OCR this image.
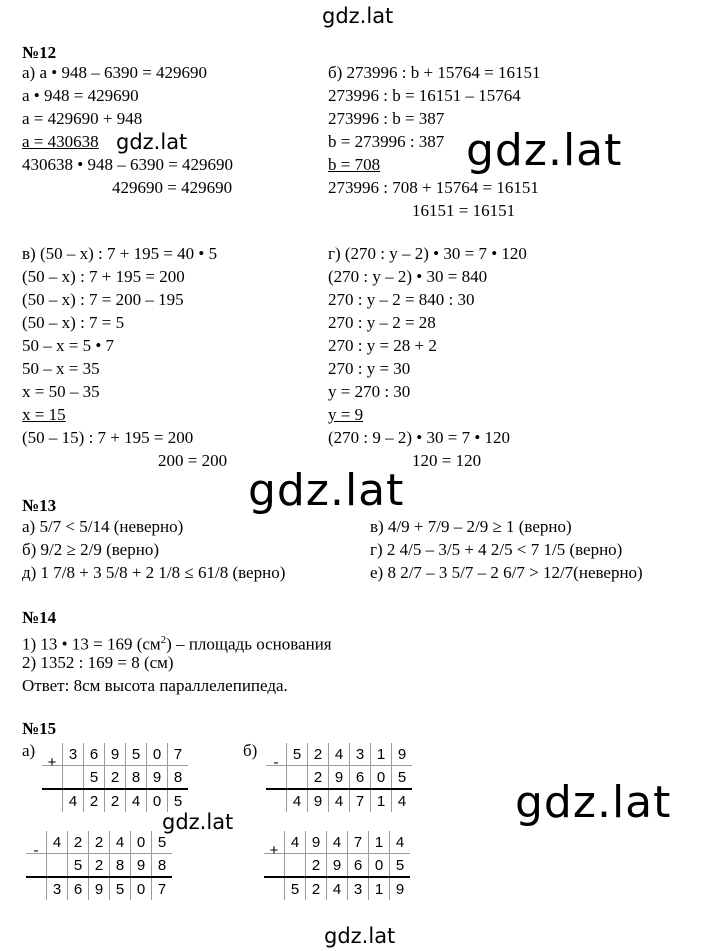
gdz.lat
gdz.lat	gdz.lat
gdz.lat
gdz.lat
gdz.lat
gdz.lat
№12
а) a • 948 – 6390 = 429690
a • 948 = 429690
a = 429690 + 948
a = 430638
430638 • 948 – 6390 = 429690
429690 = 429690
б) 273996 : b + 15764 = 16151
273996 : b = 16151 – 15764
273996 : b = 387
b = 273996 : 387
b = 708
273996 : 708 + 15764 = 16151
16151 = 16151
в) (50 – x) : 7 + 195 = 40 • 5
(50 – x) : 7 + 195 = 200
(50 – x) : 7 = 200 – 195
(50 – x) : 7 = 5
50 – x = 5 • 7
50 – x = 35
x = 50 – 35
x = 15
(50 – 15) : 7 + 195 = 200
200 = 200
г) (270 : y – 2) • 30 = 7 • 120
(270 : y – 2) • 30 = 840
270 : y – 2 = 840 : 30
270 : y – 2 = 28
270 : y = 28 + 2
270 : y = 30
y = 270 : 30
y = 9
(270 : 9 – 2) • 30 = 7 • 120
120 = 120
№13
а) 5/7 < 5/14 (неверно)	в) 4/9 + 7/9 – 2/9 ≥ 1 (верно)
б) 9/2 ≥ 2/9 (верно)	г) 2 4/5 – 3/5 + 4 2/5 < 7 1/5 (верно)
д) 1 7/8 + 3 5/8 + 2 1/8 ≤ 61/8 (верно)	е) 8 2/7 – 3 5/7 – 2 6/7 > 12/7(неверно)
№14
1) 13 • 13 = 169 $(см^2)$ – площадь основания
2) 1352 : 169 = 8 (см)
Ответ: 8см высота параллелепипеда.
№15
а)	б)
	3	6	9	5	0	7
+		5	2	8	9	8
	4	2	2	4	0	5
	5	2	4	3	1	9
-		2	9	6	0	5
	4	9	4	7	1	4
	4	2	2	4	0	5
-		5	2	8	9	8
	3	6	9	5	0	7
	4	9	4	7	1	4
+		2	9	6	0	5
	5	2	4	3	1	9
